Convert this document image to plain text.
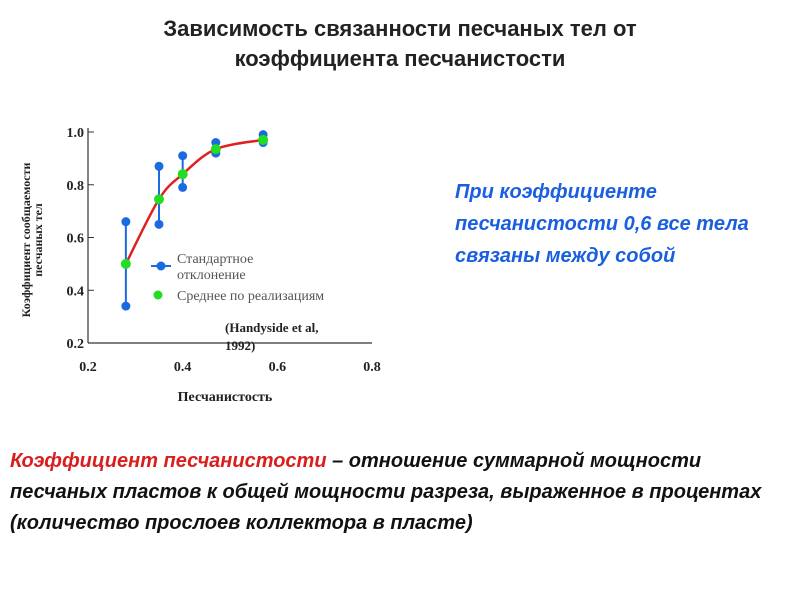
Зависимость связанности песчаных тел от
коэффициента песчанистости
0.2
0.4
0.6
0.8
1.0
0.2	0.4	0.6	0.8
Стандартное
отклонение
Среднее по реализациям
(Handyside et al, 1992)
Песчанистость
Коэффициент сообщаемости
песчаных тел
При коэффициенте песчанистости 0,6 все тела связаны между собой
Коэффициент песчанистости – отношение суммарной мощности песчаных пластов к общей мощности разреза, выраженное в процентах (количество прослоев коллектора в пласте)
